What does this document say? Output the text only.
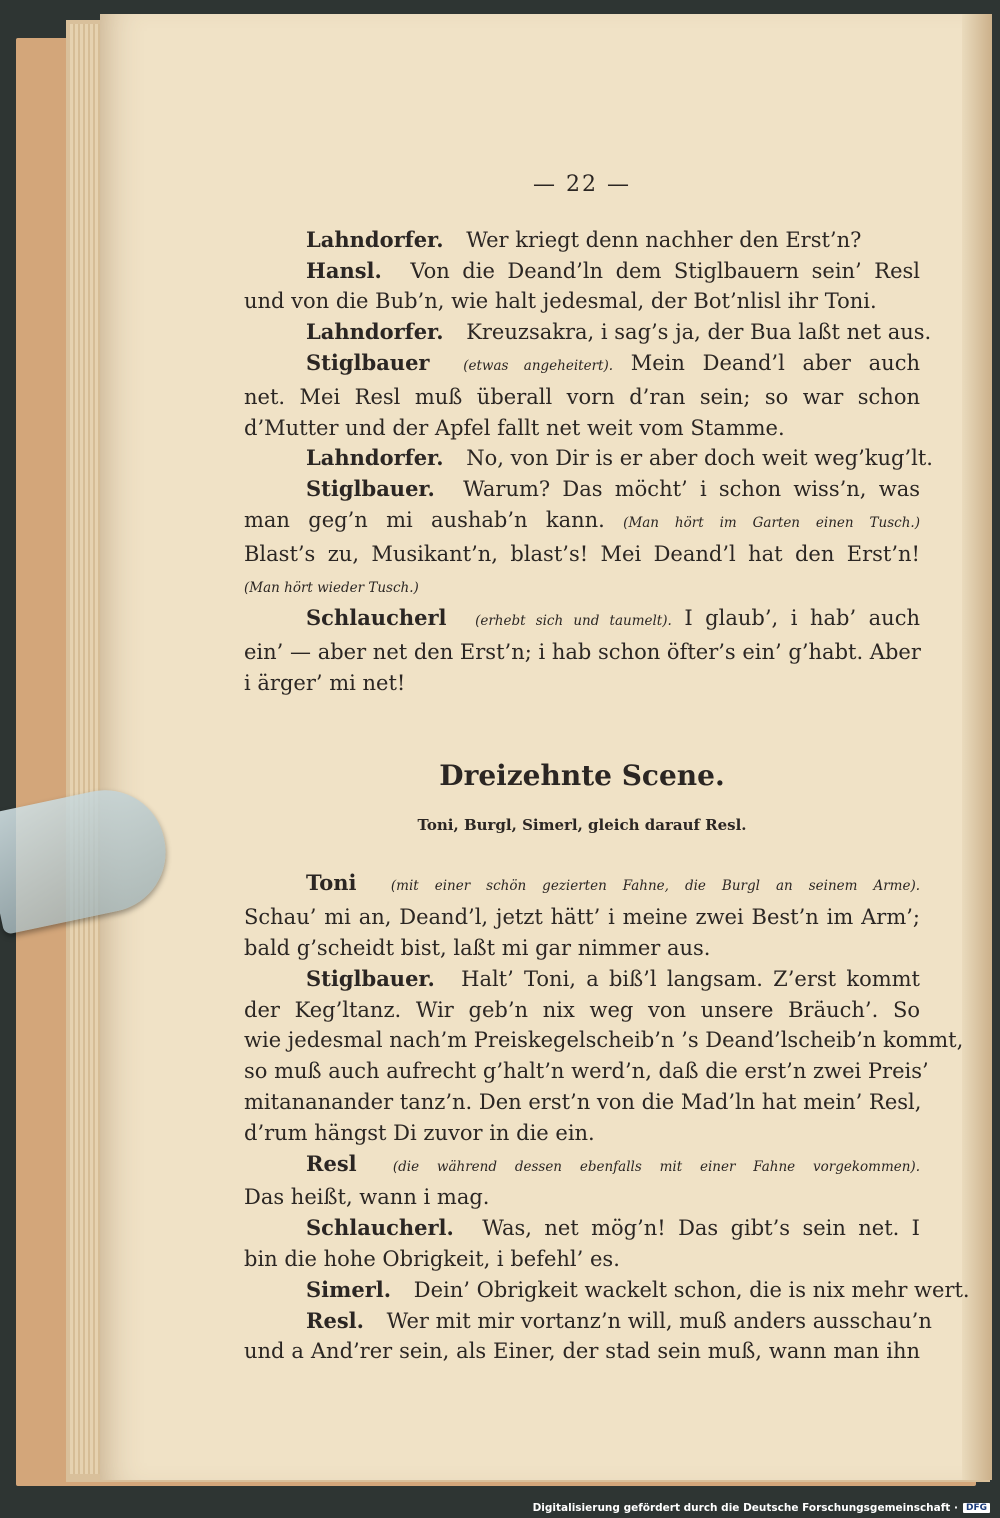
— 22 —
Lahndorfer. Wer kriegt denn nachher den Erst’n?
Hansl. Von die Deand’ln dem Stiglbauern sein’ Resl
und von die Bub’n, wie halt jedesmal, der Bot’nlisl ihr Toni.
Lahndorfer. Kreuzsakra, i sag’s ja, der Bua laßt net aus.
Stiglbauer (etwas angeheitert). Mein Deand’l aber auch
net. Mei Resl muß überall vorn d’ran sein; so war schon
d’Mutter und der Apfel fallt net weit vom Stamme.
Lahndorfer. No, von Dir is er aber doch weit weg’kug’lt.
Stiglbauer. Warum? Das möcht’ i schon wiss’n, was
man geg’n mi aushab’n kann. (Man hört im Garten einen Tusch.)
Blast’s zu, Musikant’n, blast’s! Mei Deand’l hat den Erst’n!
(Man hört wieder Tusch.)
Schlaucherl (erhebt sich und taumelt). I glaub’, i hab’ auch
ein’ — aber net den Erst’n; i hab schon öfter’s ein’ g’habt. Aber
i ärger’ mi net!
Dreizehnte Scene.
Toni, Burgl, Simerl, gleich darauf Resl.
Toni	(mit einer schön gezierten Fahne, die Burgl an seinem Arme).
Schau’ mi an, Deand’l, jetzt hätt’ i meine zwei Best’n im Arm’;
bald g’scheidt bist, laßt mi gar nimmer aus.
Stiglbauer. Halt’ Toni, a biß’l langsam. Z’erst kommt
der Keg’ltanz. Wir geb’n nix weg von unsere Bräuch’. So
wie jedesmal nach’m Preiskegelscheib’n ’s Deand’lscheib’n kommt,
so muß auch aufrecht g’halt’n werd’n, daß die erst’n zwei Preis’
mitananander tanz’n. Den erst’n von die Mad’ln hat mein’ Resl,
d’rum hängst Di zuvor in die ein.
Resl	(die während dessen ebenfalls mit einer Fahne vorgekommen).
Das heißt, wann i mag.
Schlaucherl. Was, net mög’n! Das gibt’s sein net. I
bin die hohe Obrigkeit, i befehl’ es.
Simerl. Dein’ Obrigkeit wackelt schon, die is nix mehr wert.
Resl. Wer mit mir vortanz’n will, muß anders ausschau’n
und a And’rer sein, als Einer, der stad sein muß, wann man ihn
Digitalisierung gefördert durch die Deutsche Forschungsgemeinschaft · DFG
